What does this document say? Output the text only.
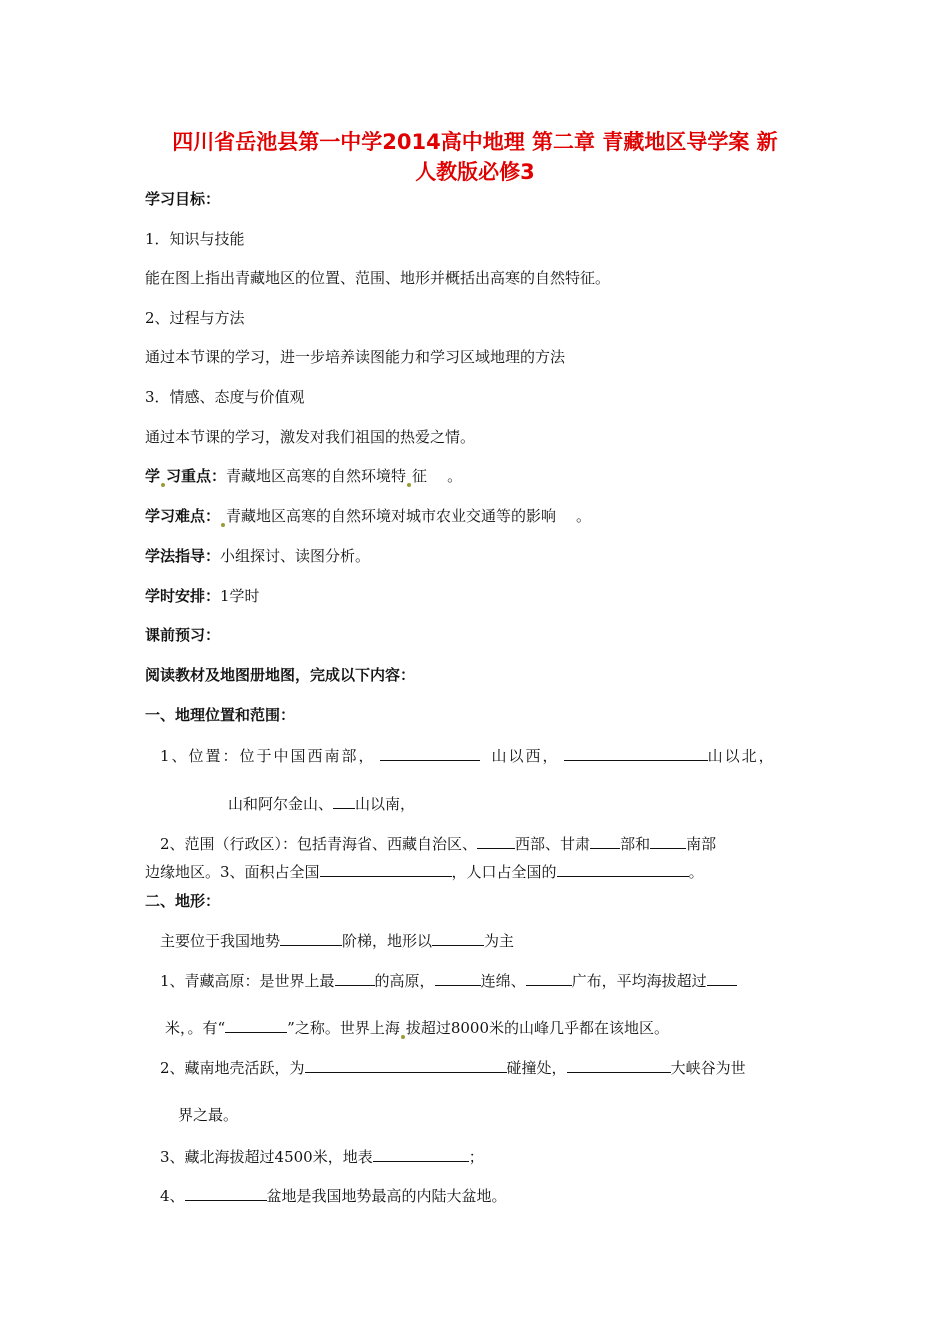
四川省岳池县第一中学2014高中地理 第二章 青藏地区导学案 新
人教版必修3
学习目标：
1．知识与技能
能在图上指出青藏地区的位置、范围、地形并概括出高寒的自然特征。
2、过程与方法
通过本节课的学习，进一步培养读图能力和学习区域地理的方法
3．情感、态度与价值观
通过本节课的学习，激发对我们祖国的热爱之情。
学 习重点：青藏地区高寒的自然环境特 征 。
学习难点： 青藏地区高寒的自然环境对城市农业交通等的影响 。
学法指导：小组探讨、读图分析。
学时安排：1学时
课前预习：
阅读教材及地图册地图，完成以下内容：
一、地理位置和范围：
1、位置：位于中国西南部，	山以西，	山以北，
山和阿尔金山、 山以南，
2、范围（行政区）：包括青海省、西藏自治区、	西部、甘肃 部和 南部
边缘地区。3、面积占全国	，人口占全国的	。
二、地形：
主要位于我国地势	阶梯，地形以	为主
1、青藏高原：是世界上最	的高原，	连绵、	广布，平均海拔超过
米，。有“	”之称。世界上海 拔超过8000米的山峰几乎都在该地区。
2、藏南地壳活跃，为	碰撞处，	大峡谷为世
界之最。
3、藏北海拔超过4500米，地表	；
4、	盆地是我国地势最高的内陆大盆地。
